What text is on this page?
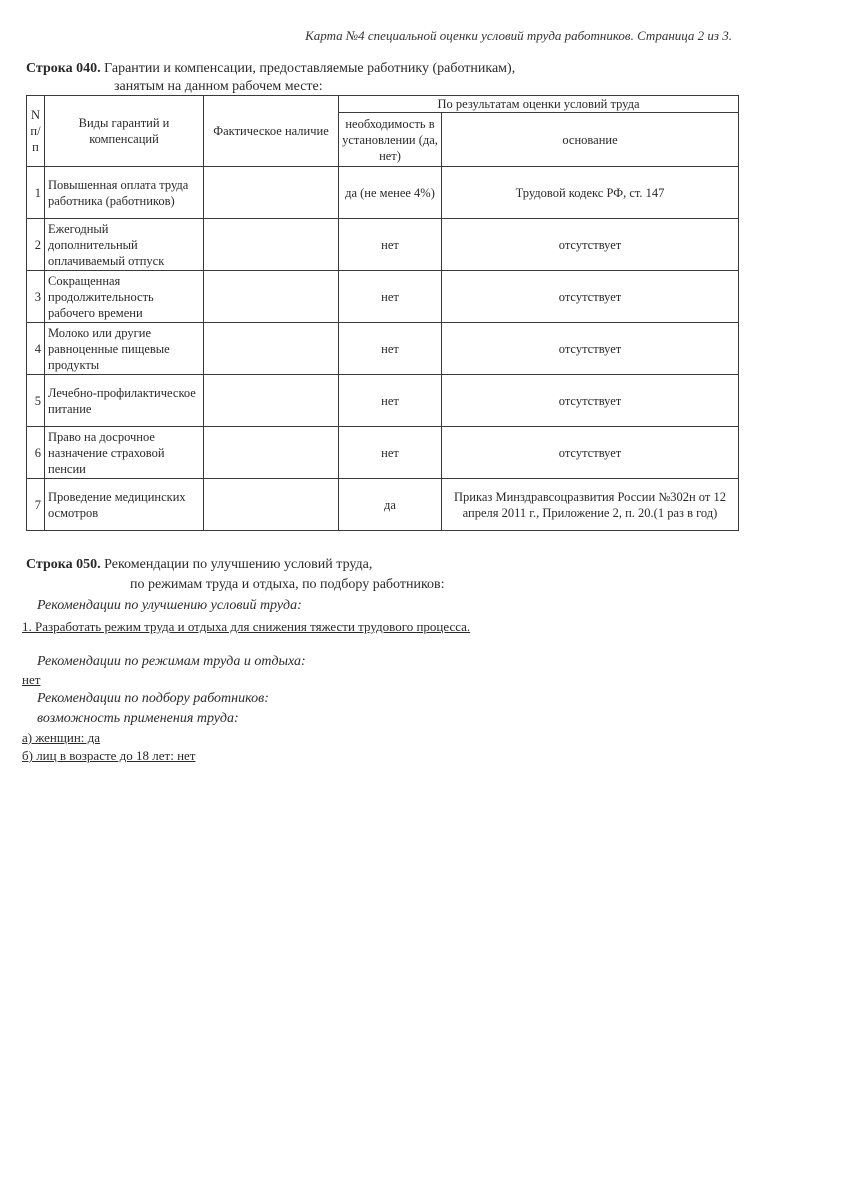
Карта №4 специальной оценки условий труда работников. Страница 2 из 3.
Строка 040. Гарантии и компенсации, предоставляемые работнику (работникам),
занятым на данном рабочем месте:
N п/п	Виды гарантий и компенсаций	Фактическое наличие	По результатам оценки условий труда	
			необходимость в установлении (да, нет)	основание
1	Повышенная оплата труда работника (работников)		да (не менее 4%)	Трудовой кодекс РФ, ст. 147
2	Ежегодный дополнительный оплачиваемый отпуск		нет	отсутствует
3	Сокращенная продолжительность рабочего времени		нет	отсутствует
4	Молоко или другие равноценные пищевые продукты		нет	отсутствует
5	Лечебно-профилактическое питание		нет	отсутствует
6	Право на досрочное назначение страховой пенсии		нет	отсутствует
7	Проведение медицинских осмотров		да	Приказ Минздравсоцразвития России №302н от 12 апреля 2011 г., Приложение 2, п. 20.(1 раз в год)
Строка 050. Рекомендации по улучшению условий труда,
по режимам труда и отдыха, по подбору работников:
Рекомендации по улучшению условий труда:
1. Разработать режим труда и отдыха для снижения тяжести трудового процесса.
Рекомендации по режимам труда и отдыха:
нет
Рекомендации по подбору работников:
возможность применения труда:
а) женщин: да
б) лиц в возрасте до 18 лет: нет
